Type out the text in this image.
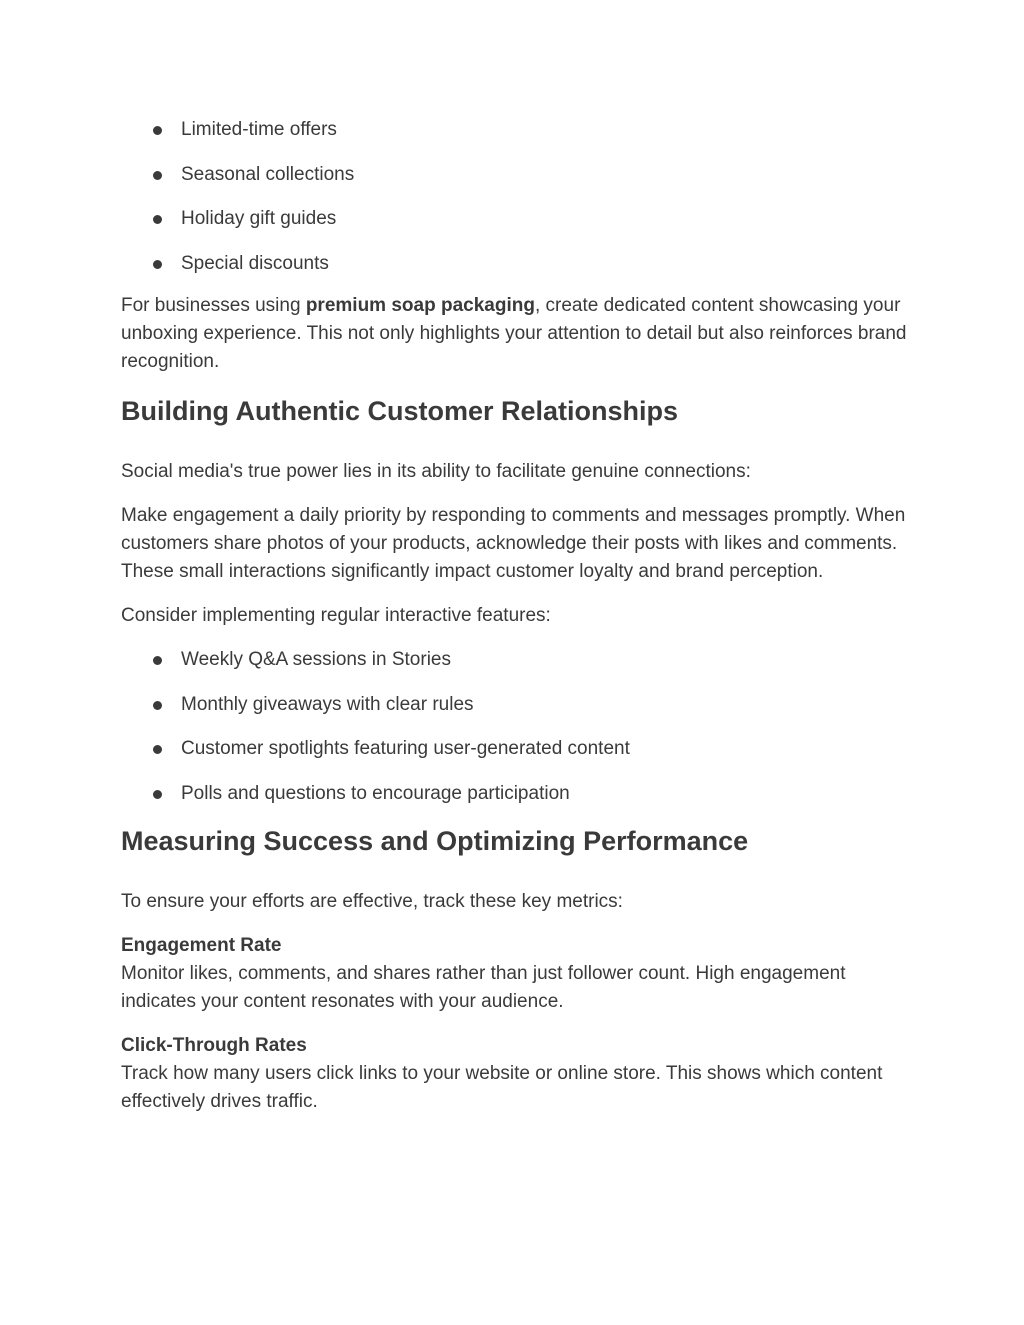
Limited-time offers
Seasonal collections
Holiday gift guides
Special discounts

For businesses using premium soap packaging, create dedicated content showcasing your unboxing experience. This not only highlights your attention to detail but also reinforces brand recognition.

Building Authentic Customer Relationships

Social media's true power lies in its ability to facilitate genuine connections:

Make engagement a daily priority by responding to comments and messages promptly. When customers share photos of your products, acknowledge their posts with likes and comments. These small interactions significantly impact customer loyalty and brand perception.

Consider implementing regular interactive features:

Weekly Q&A sessions in Stories
Monthly giveaways with clear rules
Customer spotlights featuring user-generated content
Polls and questions to encourage participation
Measuring Success and Optimizing Performance

To ensure your efforts are effective, track these key metrics:

Engagement Rate
Monitor likes, comments, and shares rather than just follower count. High engagement indicates your content resonates with your audience.

Click-Through Rates
Track how many users click links to your website or online store. This shows which content effectively drives traffic.
